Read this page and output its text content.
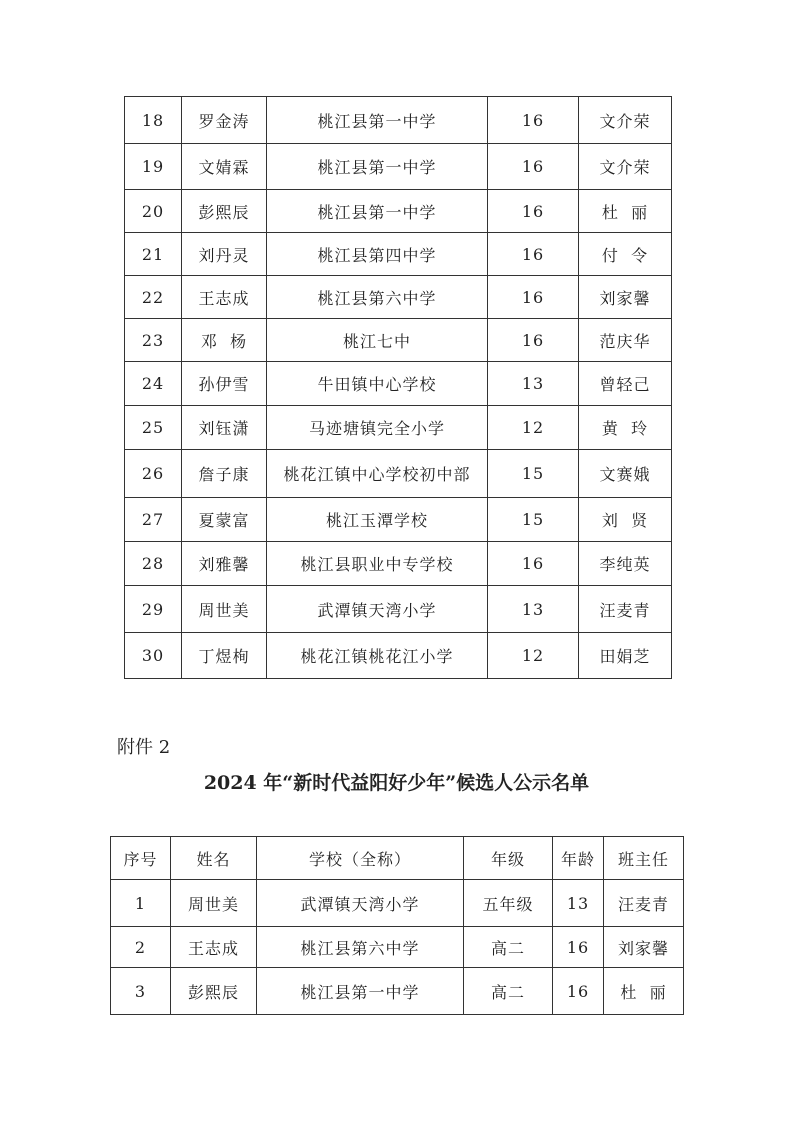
18	罗金涛	桃江县第一中学	16	文介荣
19	文婧霖	桃江县第一中学	16	文介荣
20	彭熙辰	桃江县第一中学	16	杜  丽
21	刘丹灵	桃江县第四中学	16	付  令
22	王志成	桃江县第六中学	16	刘家馨
23	邓  杨	桃江七中	16	范庆华
24	孙伊雪	牛田镇中心学校	13	曾轻己
25	刘钰潇	马迹塘镇完全小学	12	黄  玲
26	詹子康	桃花江镇中心学校初中部	15	文赛娥
27	夏蒙富	桃江玉潭学校	15	刘  贤
28	刘雅馨	桃江县职业中专学校	16	李纯英
29	周世美	武潭镇天湾小学	13	汪麦青
30	丁煜栒	桃花江镇桃花江小学	12	田娟芝
附件 2
2024 年“新时代益阳好少年”候选人公示名单
序号	姓名	学校（全称）	年级	年龄	班主任
1	周世美	武潭镇天湾小学	五年级	13	汪麦青
2	王志成	桃江县第六中学	高二	16	刘家馨
3	彭熙辰	桃江县第一中学	高二	16	杜  丽
